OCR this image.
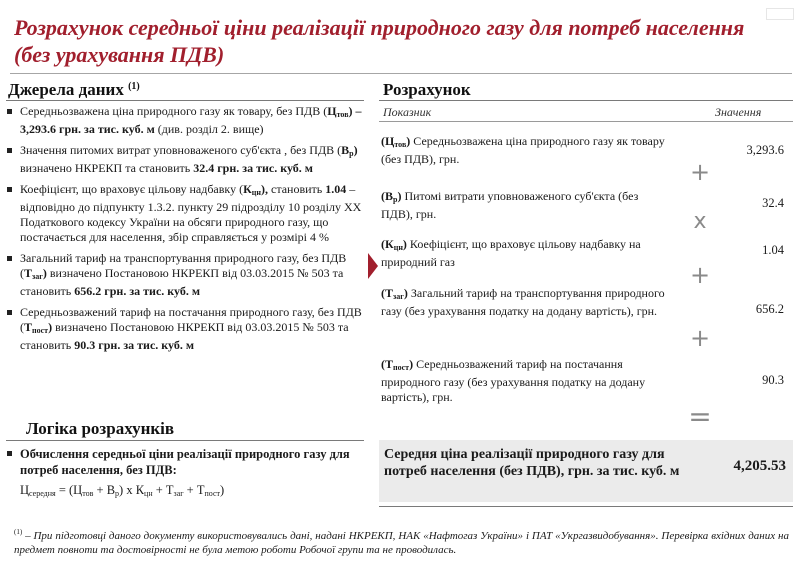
Розрахунок середньої ціни реалізації природного газу для потреб населення (без урахування ПДВ)
Джерела даних $^{(1)}$
Середньозважена ціна природного газу як товару, без ПДВ $(Ц_{тов}) - 3,293.6$ грн. за тис. куб. м (див. розділ 2. вище)
Значення питомих витрат уповноваженого суб'єкта , без ПДВ $(В_р)$ визначено НКРЕКП та становить 32.4 грн. за тис. куб. м
Коефіцієнт, що враховує цільову надбавку $(К_{цн})$, становить 1.04 – відповідно до підпункту 1.3.2. пункту 29 підрозділу 10 розділу XX Податкового кодексу України на обсяги природного газу, що постачається для населення, збір справляється у розмірі 4 %
Загальний тариф на транспортування природного газу, без ПДВ $(Т_{заг})$ визначено Постановою НКРЕКП від 03.03.2015 № 503 та становить 656.2 грн. за тис. куб. м
Середньозважений тариф на постачання природного газу, без ПДВ $(Т_{пост})$ визначено Постановою НКРЕКП від 03.03.2015 № 503 та становить 90.3 грн. за тис. куб. м
Логіка розрахунків
Обчислення середньої ціни реалізації природного газу для потреб населення, без ПДВ:
$Ц_{середня} = (Ц_{тов} + В_р)$ х $К_{цн} + Т_{заг} + Т_{пост}$)
Розрахунок
Показник	Значення
$(Ц_{тов})$ Середньозважена ціна природного газу як товару (без ПДВ), грн.
3,293.6
$(В_р)$ Питомі витрати уповноваженого суб'єкта (без ПДВ), грн.
32.4
$(К_{цн})$ Коефіцієнт, що враховує цільову надбавку на природний газ
1.04
$(Т_{заг})$ Загальний тариф на транспортування природного газу (без урахування податку на додану вартість), грн.	656.2
$(Т_{пост})$ Середньозважений тариф на постачання природного газу (без урахування податку на додану вартість), грн.
90.3
+
x
+
+
=
Середня ціна реалізації природного газу для потреб населення (без ПДВ), грн. за тис. куб. м	4,205.53
$^{(1)}$ – При підготовці даного документу використовувались дані, надані НКРЕКП, НАК «Нафтогаз України» і ПАТ «Укргазвидобування». Перевірка вхідних даних на предмет повноти та достовірності не була метою роботи Робочої групи та не проводилась.
